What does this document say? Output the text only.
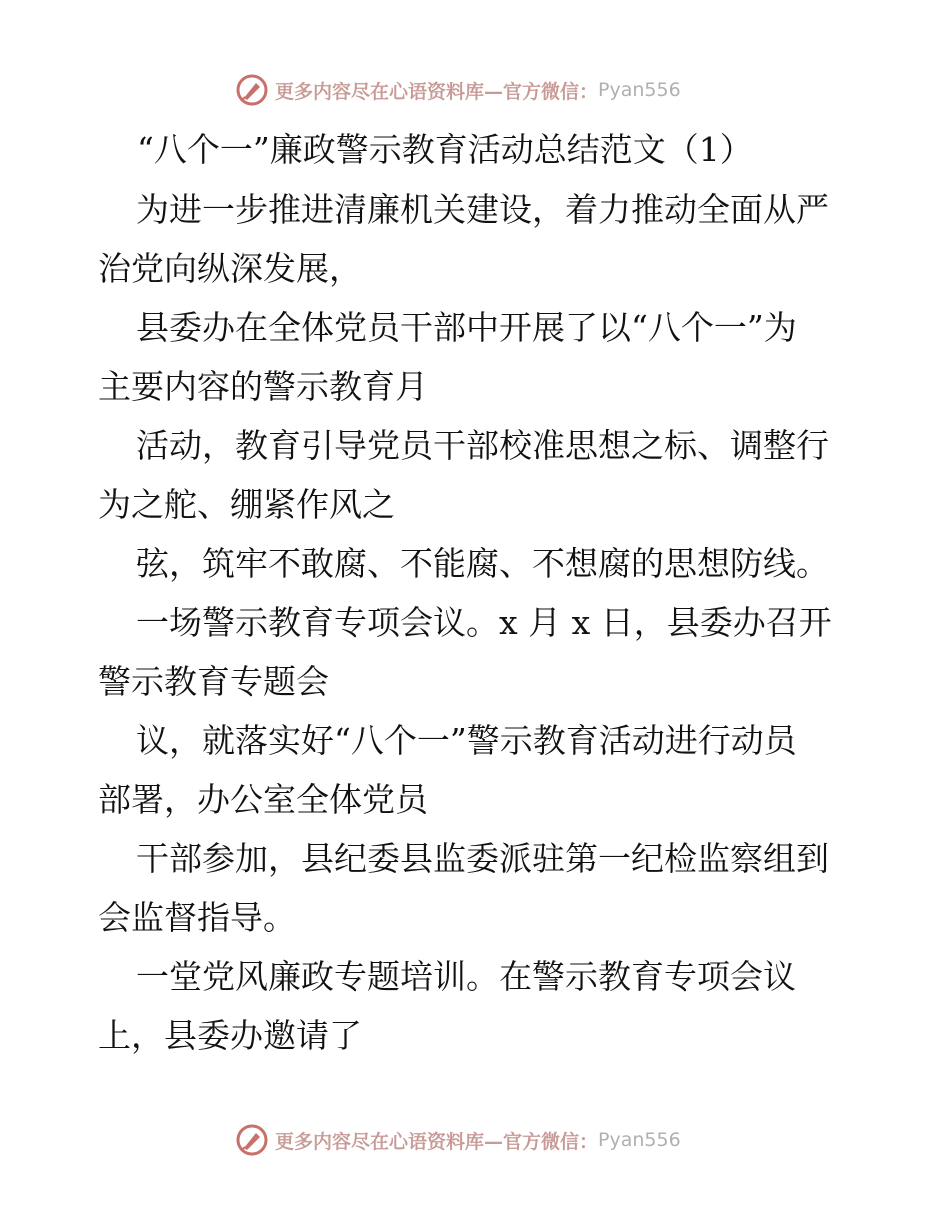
更多内容尽在心语资料库—官方微信： Pyan556
“八个一”廉政警示教育活动总结范文（1）

为进一步推进清廉机关建设，着力推动全面从严
治党向纵深发展，

县委办在全体党员干部中开展了以“八个一”为
主要内容的警示教育月

活动，教育引导党员干部校准思想之标、调整行
为之舵、绷紧作风之

弦，筑牢不敢腐、不能腐、不想腐的思想防线。

一场警示教育专项会议。x 月 x 日，县委办召开
警示教育专题会

议，就落实好“八个一”警示教育活动进行动员
部署，办公室全体党员

干部参加，县纪委县监委派驻第一纪检监察组到
会监督指导。

一堂党风廉政专题培训。在警示教育专项会议
上，县委办邀请了

更多内容尽在心语资料库—官方微信： Pyan556
